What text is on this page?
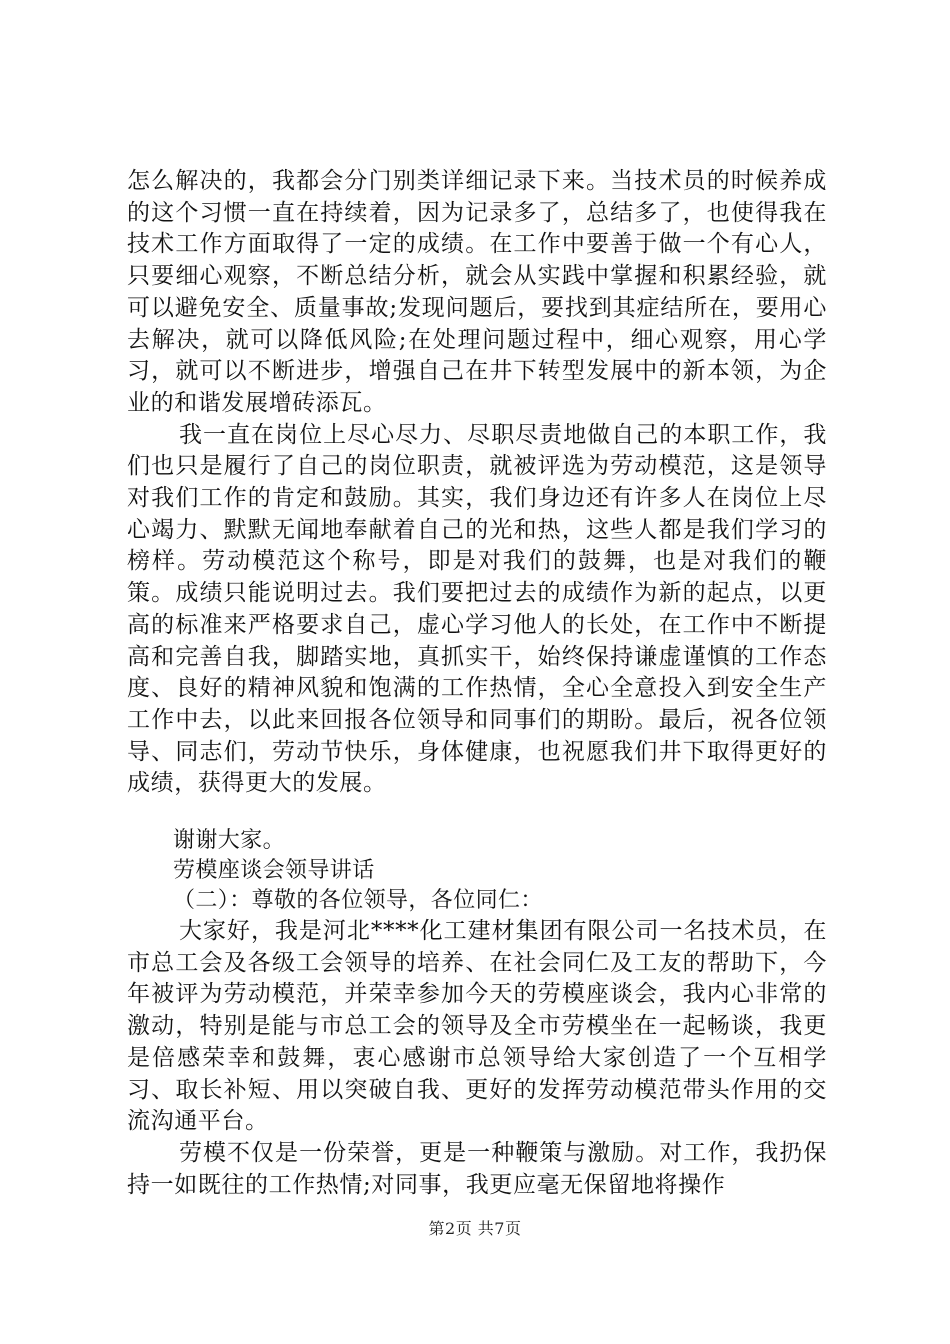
怎么解决的，我都会分门别类详细记录下来。当技术员的时候养成的这个习惯一直在持续着，因为记录多了，总结多了，也使得我在技术工作方面取得了一定的成绩。在工作中要善于做一个有心人，只要细心观察，不断总结分析，就会从实践中掌握和积累经验，就可以避免安全、质量事故;发现问题后，要找到其症结所在，要用心去解决，就可以降低风险;在处理问题过程中，细心观察，用心学习，就可以不断进步，增强自己在井下转型发展中的新本领，为企业的和谐发展增砖添瓦。

我一直在岗位上尽心尽力、尽职尽责地做自己的本职工作，我们也只是履行了自己的岗位职责，就被评选为劳动模范，这是领导对我们工作的肯定和鼓励。其实，我们身边还有许多人在岗位上尽心竭力、默默无闻地奉献着自己的光和热，这些人都是我们学习的榜样。劳动模范这个称号，即是对我们的鼓舞，也是对我们的鞭策。成绩只能说明过去。我们要把过去的成绩作为新的起点，以更高的标准来严格要求自己，虚心学习他人的长处，在工作中不断提高和完善自我，脚踏实地，真抓实干，始终保持谦虚谨慎的工作态度、良好的精神风貌和饱满的工作热情，全心全意投入到安全生产工作中去，以此来回报各位领导和同事们的期盼。最后，祝各位领导、同志们，劳动节快乐，身体健康，也祝愿我们井下取得更好的成绩，获得更大的发展。

谢谢大家。

劳模座谈会领导讲话

（二）：尊敬的各位领导，各位同仁：

大家好，我是河北****化工建材集团有限公司一名技术员，在市总工会及各级工会领导的培养、在社会同仁及工友的帮助下，今年被评为劳动模范，并荣幸参加今天的劳模座谈会，我内心非常的激动，特别是能与市总工会的领导及全市劳模坐在一起畅谈，我更是倍感荣幸和鼓舞，衷心感谢市总领导给大家创造了一个互相学习、取长补短、用以突破自我、更好的发挥劳动模范带头作用的交流沟通平台。

劳模不仅是一份荣誉，更是一种鞭策与激励。对工作，我扔保持一如既往的工作热情;对同事，我更应毫无保留地将操作

第2页 共7页
